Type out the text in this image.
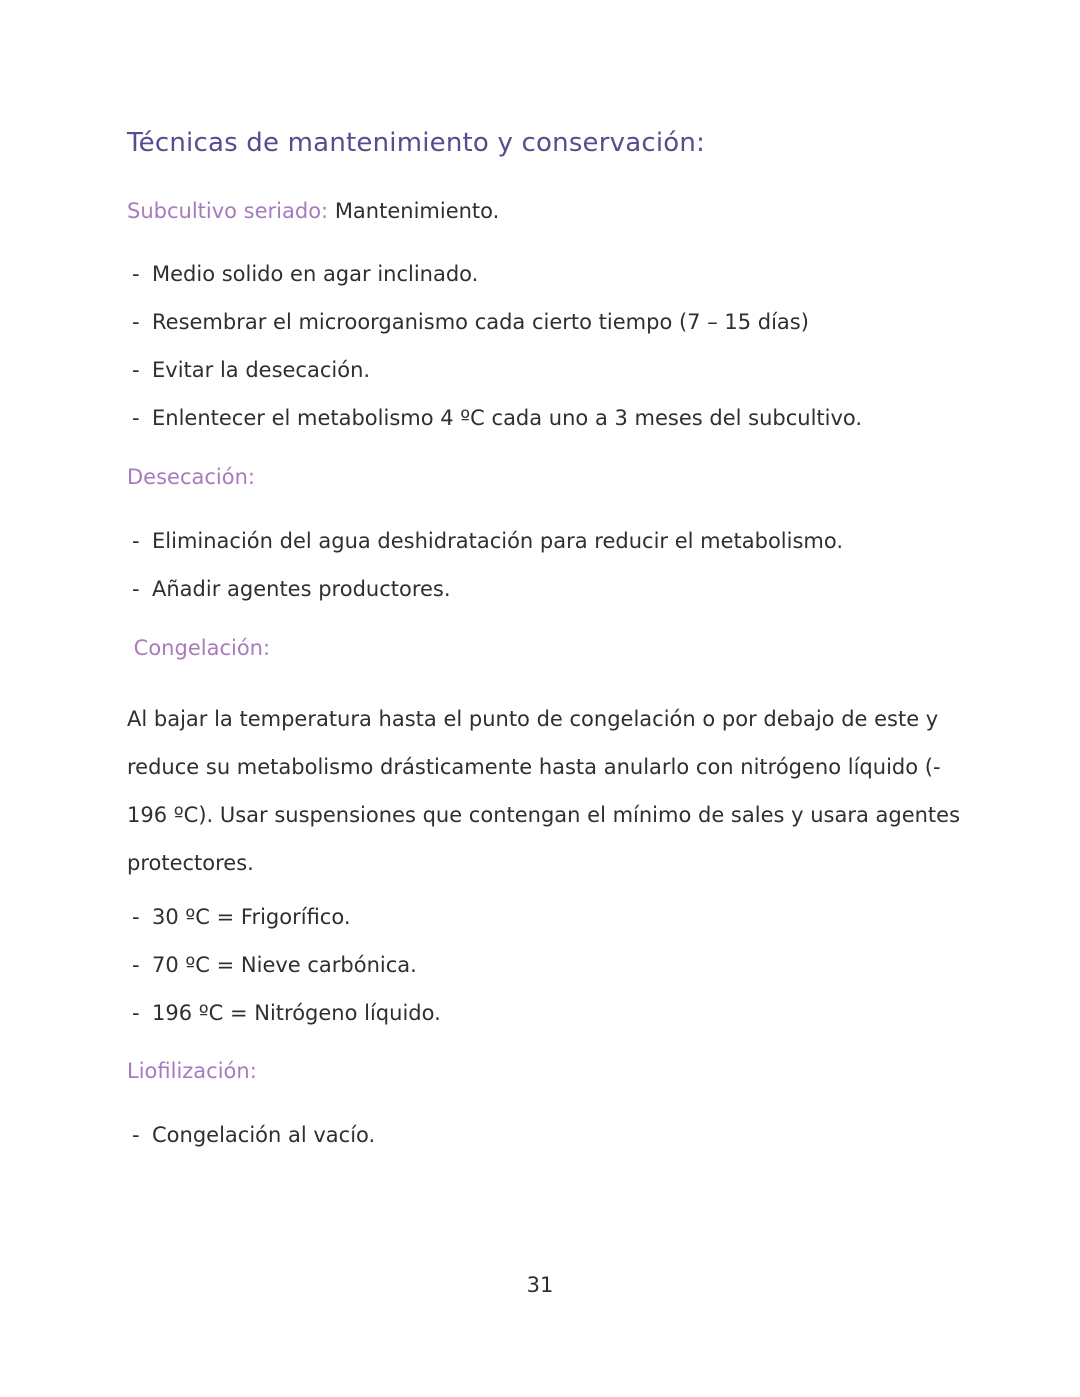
Técnicas de mantenimiento y conservación:
Subcultivo seriado: Mantenimiento.
- Medio solido en agar inclinado.
- Resembrar el microorganismo cada cierto tiempo (7 – 15 días)
- Evitar la desecación.
- Enlentecer el metabolismo 4 ºC cada uno a 3 meses del subcultivo.
Desecación:
- Eliminación del agua deshidratación para reducir el metabolismo.
- Añadir agentes productores.
Congelación:

Al bajar la temperatura hasta el punto de congelación o por debajo de este y
reduce su metabolismo drásticamente hasta anularlo con nitrógeno líquido (-
196 ºC). Usar suspensiones que contengan el mínimo de sales y usara agentes
protectores.

- 30 ºC = Frigorífico.
- 70 ºC = Nieve carbónica.
- 196 ºC = Nitrógeno líquido.
Liofilización:
- Congelación al vacío.
31
